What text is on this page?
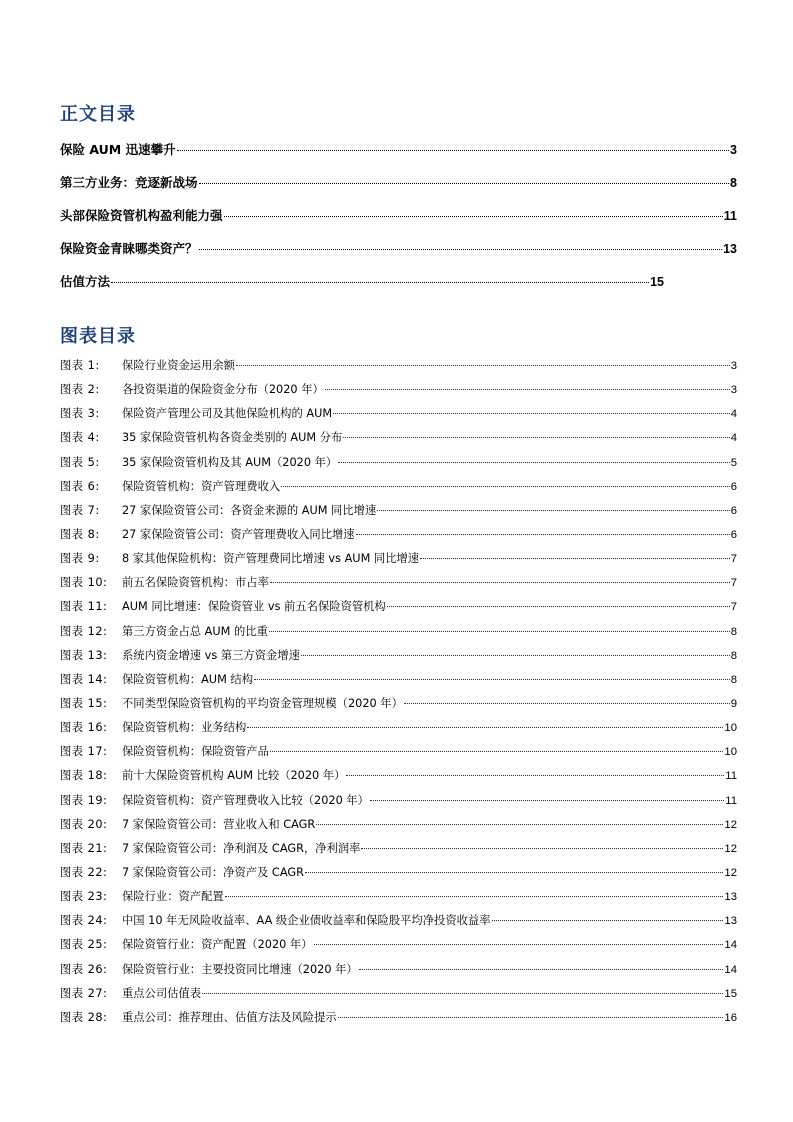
正文目录
保险 AUM 迅速攀升	3
第三方业务：竞逐新战场	8
头部保险资管机构盈利能力强	11
保险资金青睐哪类资产？	13
估值方法	15
图表目录
图表 1:	保险行业资金运用余额	3
图表 2:	各投资渠道的保险资金分布（2020 年）	3
图表 3:	保险资产管理公司及其他保险机构的 AUM	4
图表 4:	35 家保险资管机构各资金类别的 AUM 分布	4
图表 5:	35 家保险资管机构及其 AUM（2020 年）	5
图表 6:	保险资管机构：资产管理费收入	6
图表 7:	27 家保险资管公司：各资金来源的 AUM 同比增速	6
图表 8:	27 家保险资管公司：资产管理费收入同比增速	6
图表 9:	8 家其他保险机构：资产管理费同比增速 vs AUM 同比增速	7
图表 10:	前五名保险资管机构：市占率	7
图表 11:	AUM 同比增速：保险资管业 vs 前五名保险资管机构	7
图表 12:	第三方资金占总 AUM 的比重	8
图表 13:	系统内资金增速 vs 第三方资金增速	8
图表 14:	保险资管机构：AUM 结构	8
图表 15:	不同类型保险资管机构的平均资金管理规模（2020 年）	9
图表 16:	保险资管机构：业务结构	10
图表 17:	保险资管机构：保险资管产品	10
图表 18:	前十大保险资管机构 AUM 比较（2020 年）	11
图表 19:	保险资管机构：资产管理费收入比较（2020 年）	11
图表 20:	7 家保险资管公司：营业收入和 CAGR	12
图表 21:	7 家保险资管公司：净利润及 CAGR，净利润率	12
图表 22:	7 家保险资管公司：净资产及 CAGR	12
图表 23:	保险行业：资产配置	13
图表 24:	中国 10 年无风险收益率、AA 级企业债收益率和保险股平均净投资收益率	13
图表 25:	保险资管行业：资产配置（2020 年）	14
图表 26:	保险资管行业：主要投资同比增速（2020 年）	14
图表 27:	重点公司估值表	15
图表 28:	重点公司：推荐理由、估值方法及风险提示	16
